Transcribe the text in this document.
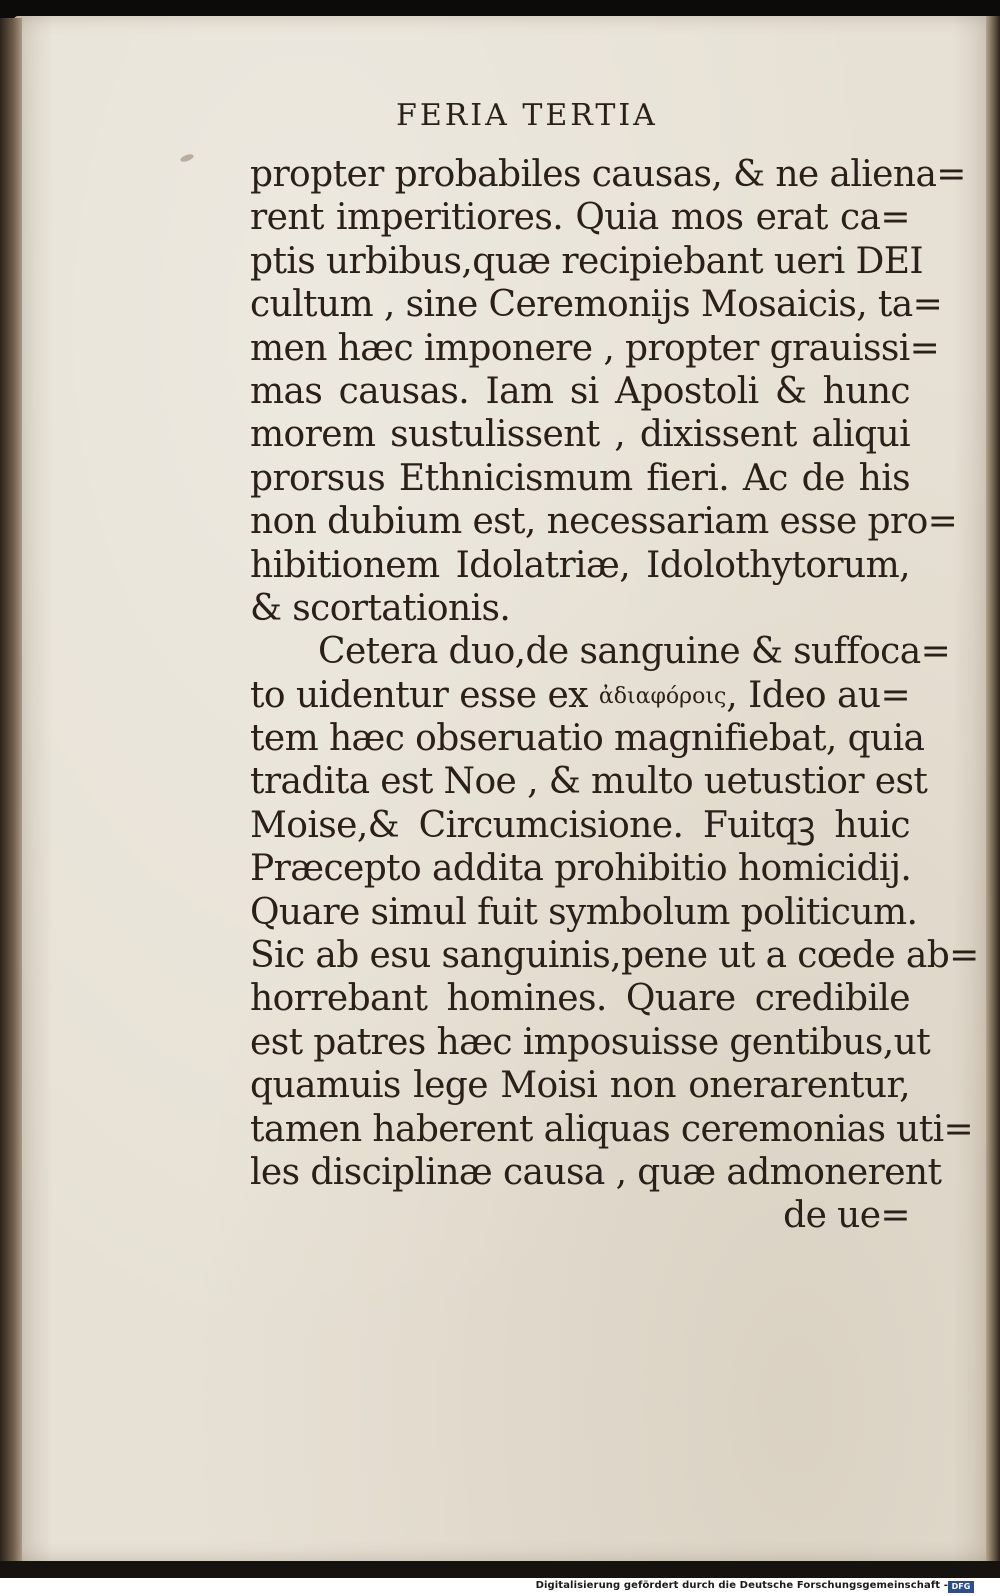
FERIA TERTIA
propter probabiles causas, & ne aliena=
rent imperitiores. Quia mos erat ca=
ptis urbibus,quæ recipiebant ueri DEI
cultum , sine Ceremonijs Mosaicis, ta=
men hæc imponere , propter grauissi=
mas causas. Iam si Apostoli & hunc
morem sustulissent , dixissent aliqui
prorsus Ethnicismum fieri. Ac de his
non dubium est, necessariam esse pro=
hibitionem Idolatriæ, Idolothytorum,
& scortationis.
Cetera duo,de sanguine & suffoca=
to uidentur esse ex ἀδιαφόροις, Ideo au=
tem hæc obseruatio magnifiebat, quia
tradita est Noe , & multo uetustior est
Moise,& Circumcisione. Fuitqꝫ huic
Præcepto addita prohibitio homicidij.
Quare simul fuit symbolum politicum.
Sic ab esu sanguinis,pene ut a cœde ab=
horrebant homines. Quare credibile
est patres hæc imposuisse gentibus,ut
quamuis lege Moisi non onerarentur,
tamen haberent aliquas ceremonias uti=
les disciplinæ causa , quæ admonerent
de ue=
Digitalisierung gefördert durch die Deutsche Forschungsgemeinschaft - DFG
